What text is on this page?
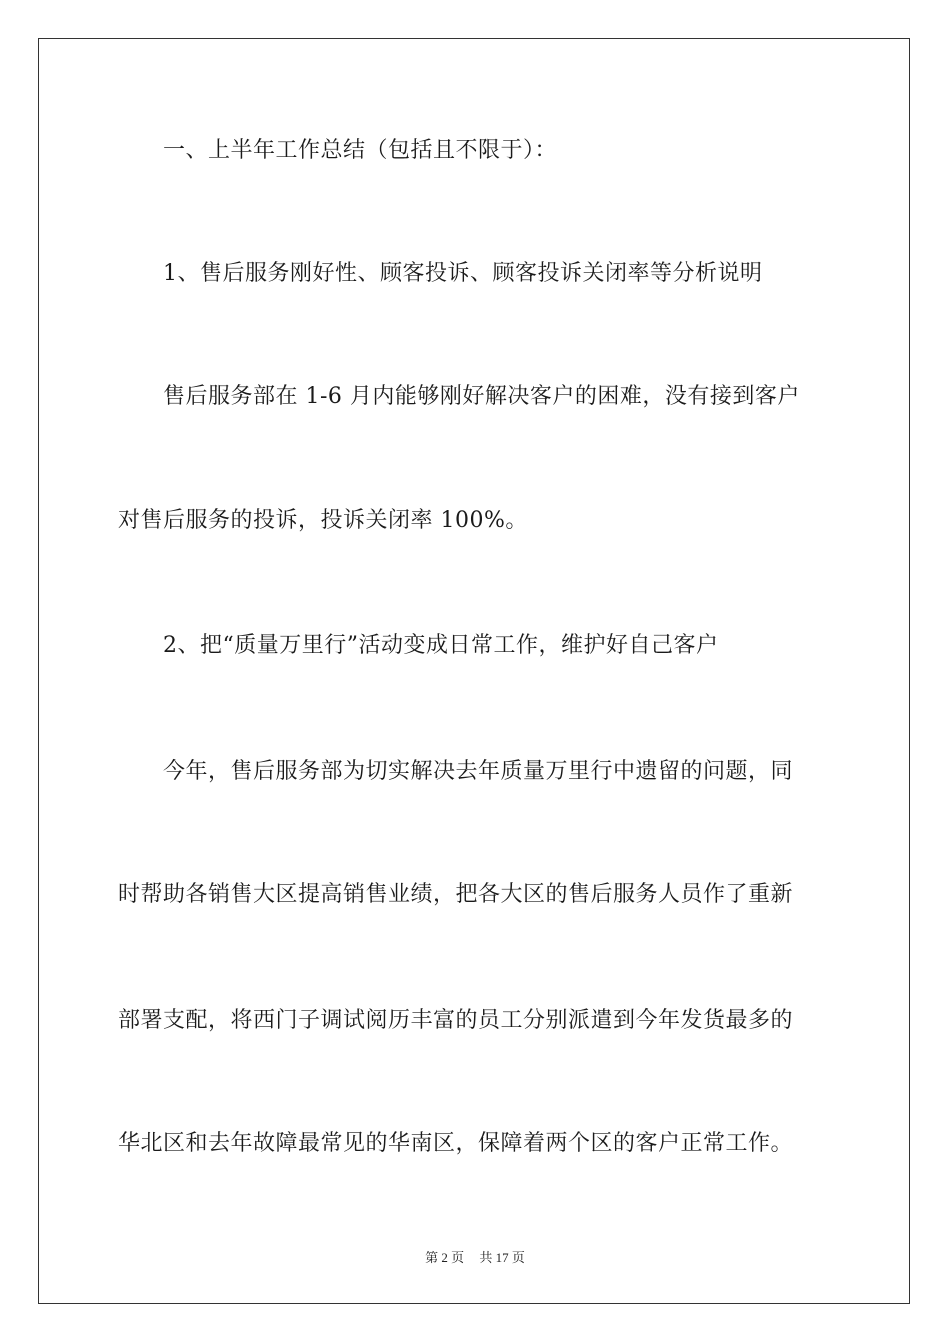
一、上半年工作总结（包括且不限于）：
1、售后服务刚好性、顾客投诉、顾客投诉关闭率等分析说明
售后服务部在 1-6 月内能够刚好解决客户的困难，没有接到客户
对售后服务的投诉，投诉关闭率 100%。
2、把“质量万里行”活动变成日常工作，维护好自己客户
今年，售后服务部为切实解决去年质量万里行中遗留的问题，同
时帮助各销售大区提高销售业绩，把各大区的售后服务人员作了重新
部署支配，将西门子调试阅历丰富的员工分别派遣到今年发货最多的
华北区和去年故障最常见的华南区，保障着两个区的客户正常工作。
第 2 页 共 17 页
